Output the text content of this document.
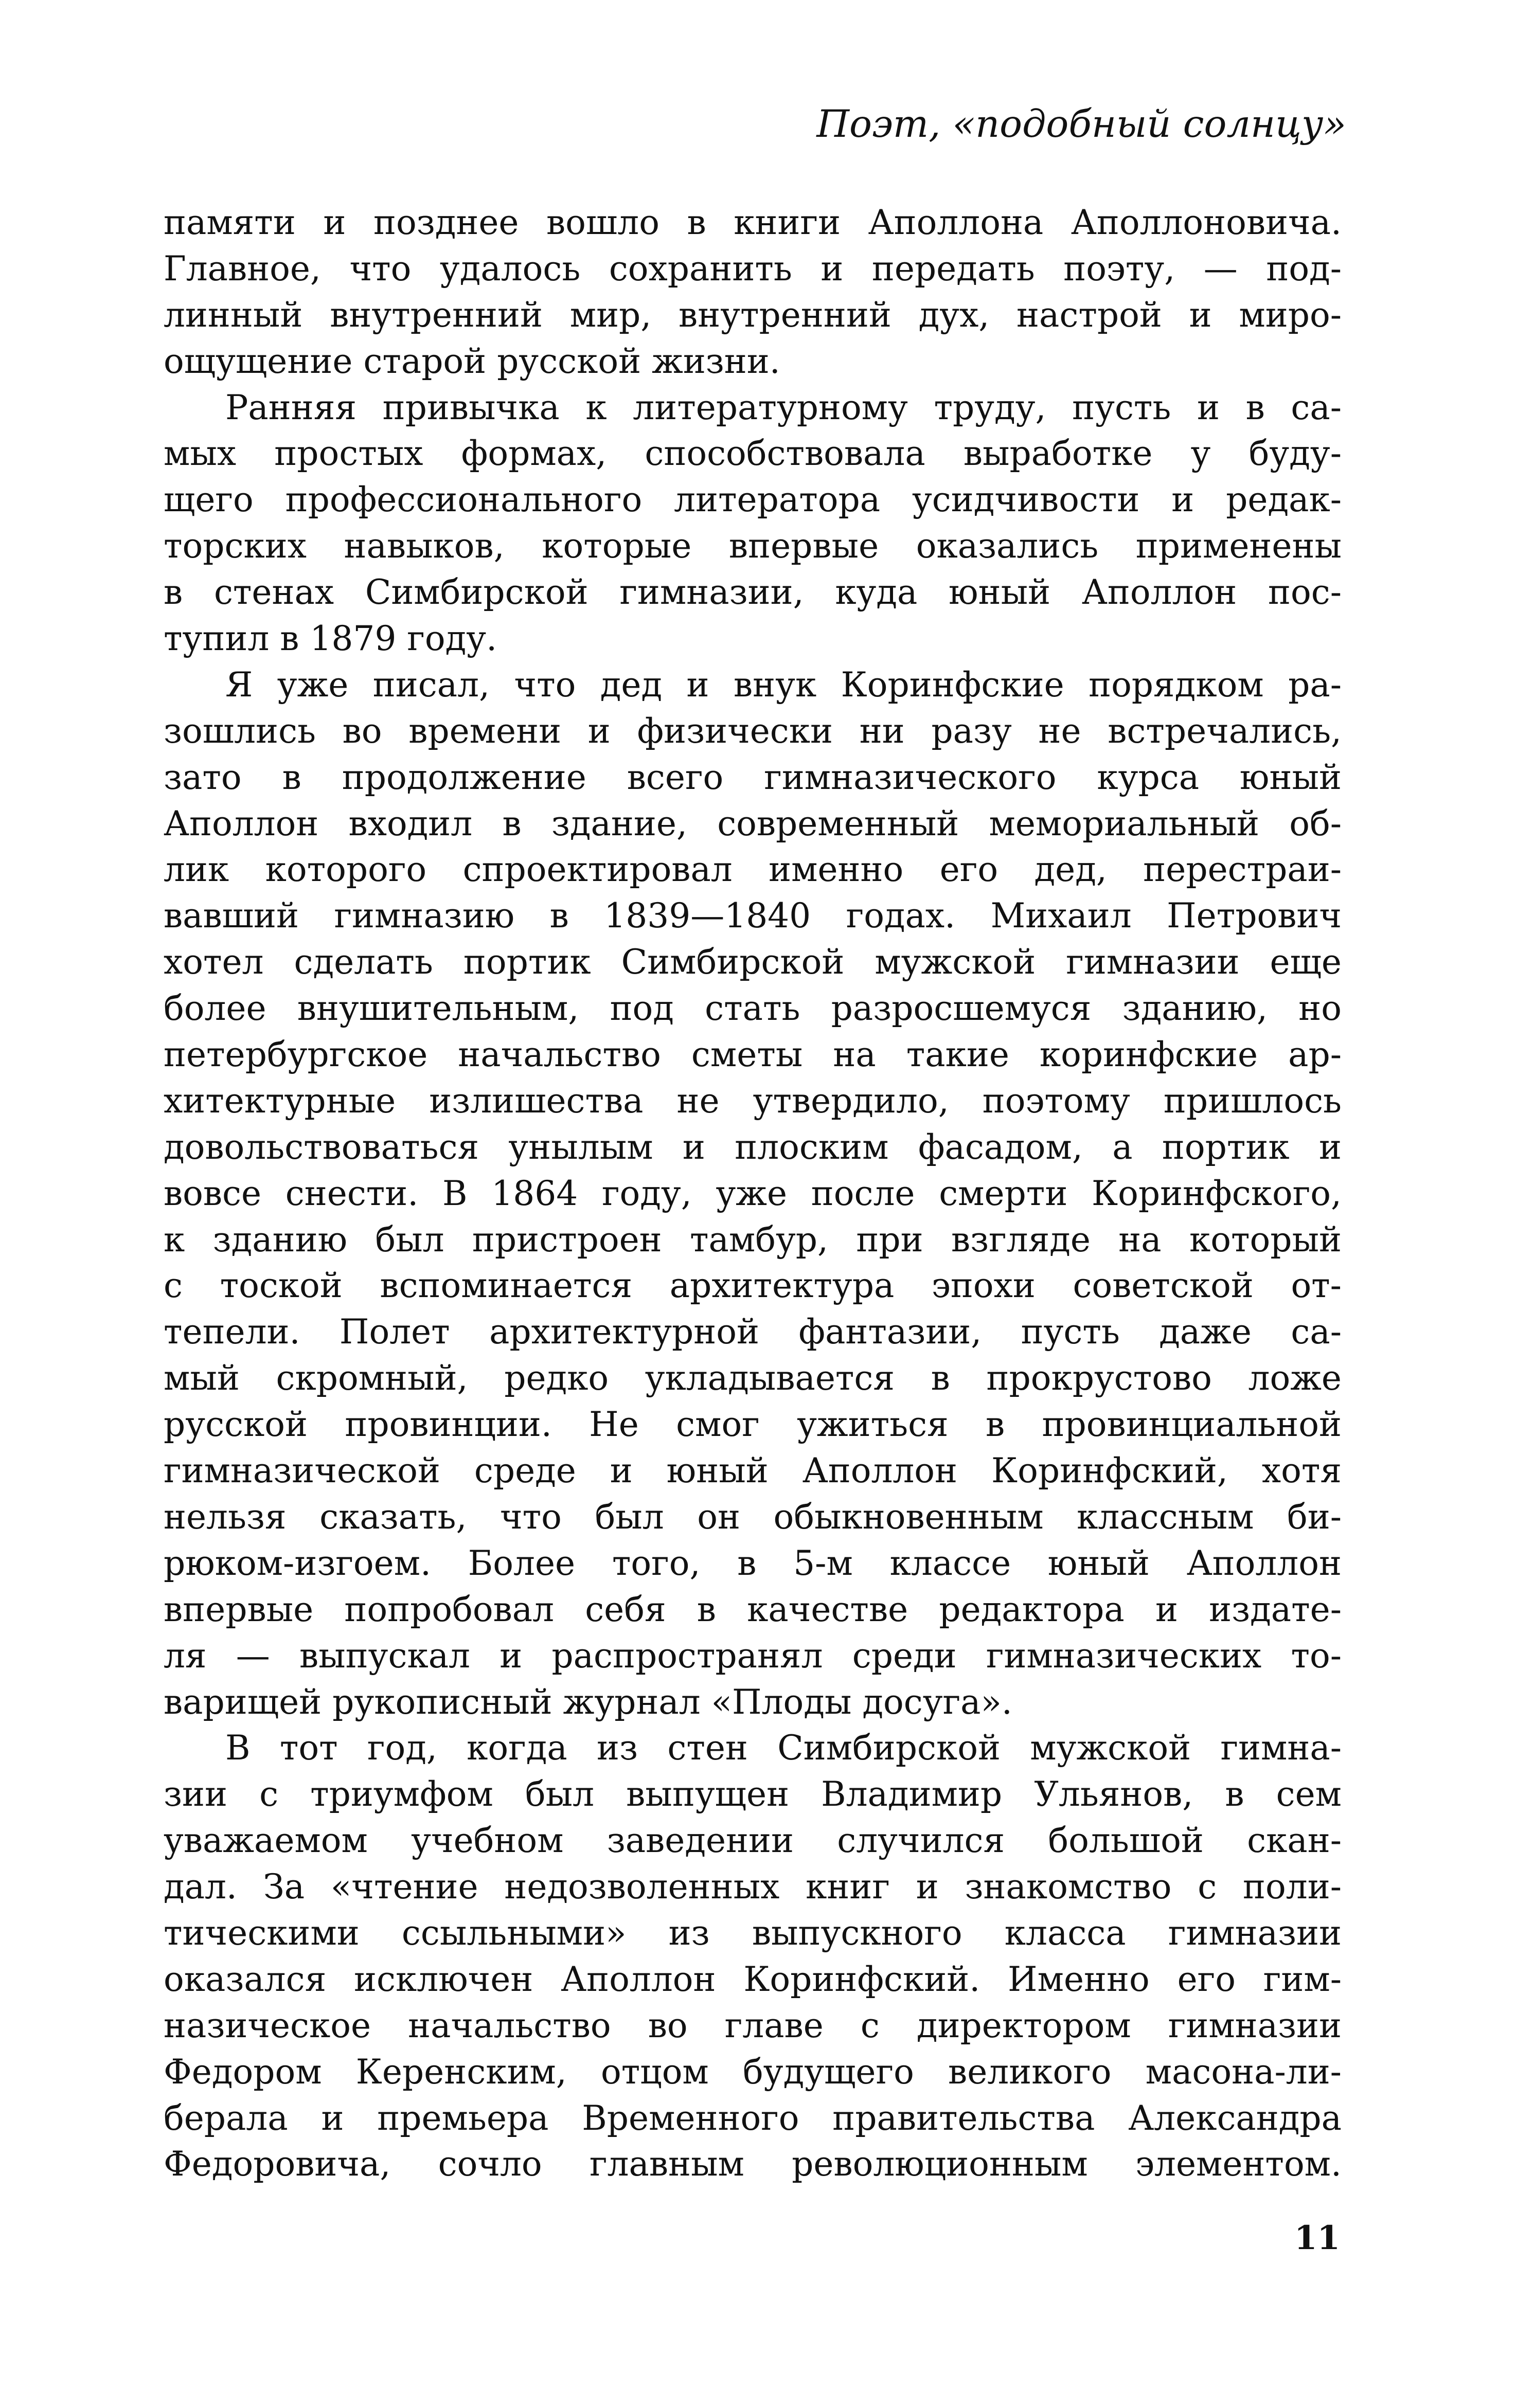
Поэт, «подобный солнцу»
памяти и позднее вошло в книги Аполлона Аполлоновича.
Главное, что удалось сохранить и передать поэту, — под-
линный внутренний мир, внутренний дух, настрой и миро-
ощущение старой русской жизни.
Ранняя привычка к литературному труду, пусть и в са-
мых простых формах, способствовала выработке у буду-
щего профессионального литератора усидчивости и редак-
торских навыков, которые впервые оказались применены
в стенах Симбирской гимназии, куда юный Аполлон пос-
тупил в 1879 году.
Я уже писал, что дед и внук Коринфские порядком ра-
зошлись во времени и физически ни разу не встречались,
зато в продолжение всего гимназического курса юный
Аполлон входил в здание, современный мемориальный об-
лик которого спроектировал именно его дед, перестраи-
вавший гимназию в 1839—1840 годах. Михаил Петрович
хотел сделать портик Симбирской мужской гимназии еще
более внушительным, под стать разросшемуся зданию, но
петербургское начальство сметы на такие коринфские ар-
хитектурные излишества не утвердило, поэтому пришлось
довольствоваться унылым и плоским фасадом, а портик и
вовсе снести. В 1864 году, уже после смерти Коринфского,
к зданию был пристроен тамбур, при взгляде на который
с тоской вспоминается архитектура эпохи советской от-
тепели. Полет архитектурной фантазии, пусть даже са-
мый скромный, редко укладывается в прокрустово ложе
русской провинции. Не смог ужиться в провинциальной
гимназической среде и юный Аполлон Коринфский, хотя
нельзя сказать, что был он обыкновенным классным би-
рюком-изгоем. Более того, в 5-м классе юный Аполлон
впервые попробовал себя в качестве редактора и издате-
ля — выпускал и распространял среди гимназических то-
варищей рукописный журнал «Плоды досуга».
В тот год, когда из стен Симбирской мужской гимна-
зии с триумфом был выпущен Владимир Ульянов, в сем
уважаемом учебном заведении случился большой скан-
дал. За «чтение недозволенных книг и знакомство с поли-
тическими ссыльными» из выпускного класса гимназии
оказался исключен Аполлон Коринфский. Именно его гим-
назическое начальство во главе с директором гимназии
Федором Керенским, отцом будущего великого масона-ли-
берала и премьера Временного правительства Александра
Федоровича, сочло главным революционным элементом.
11
